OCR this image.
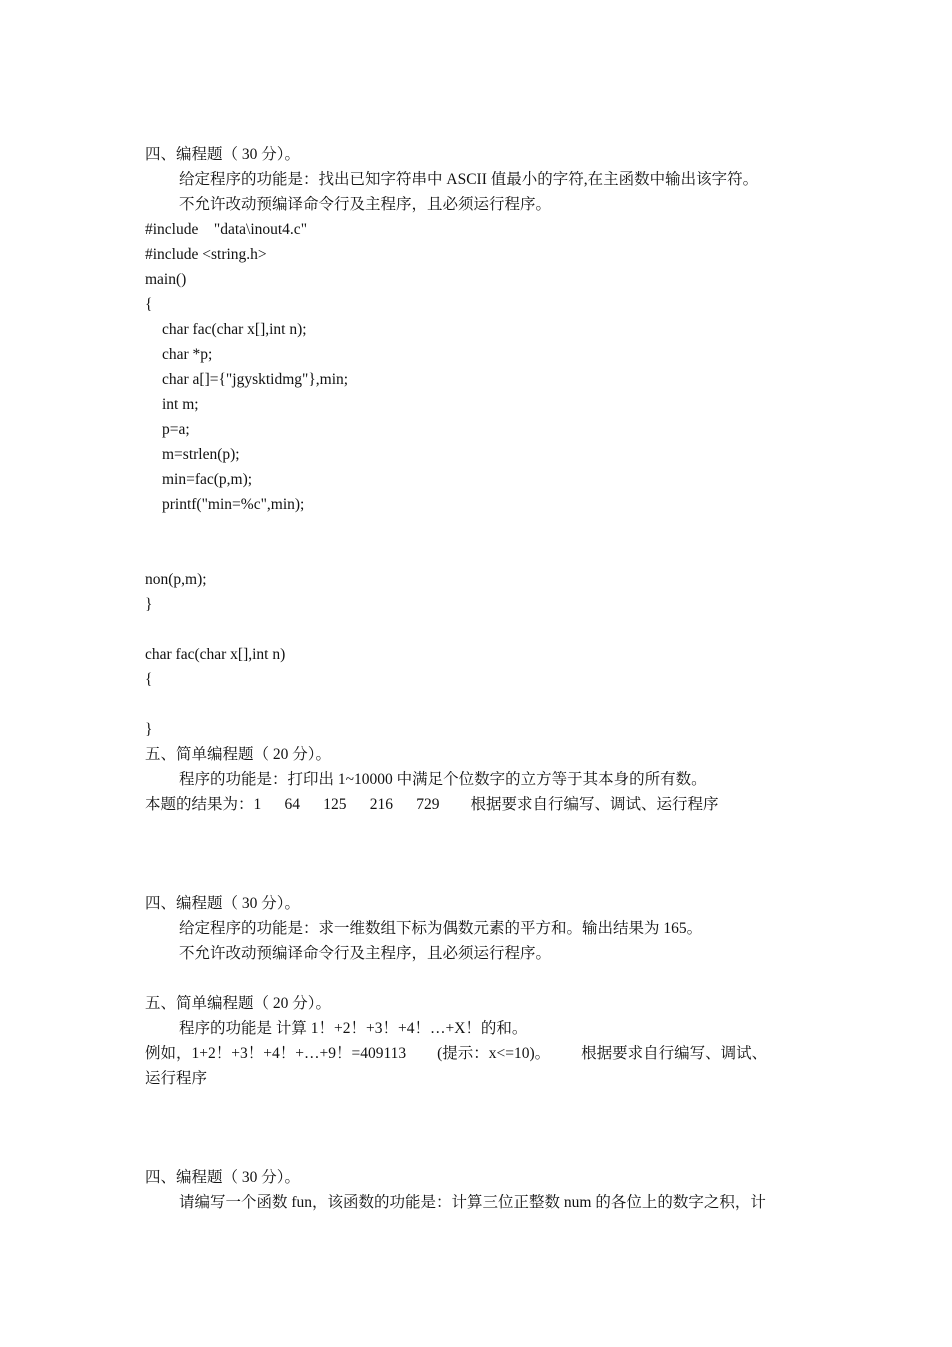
四、编程题（ 30 分）。
给定程序的功能是：找出已知字符串中 ASCII 值最小的字符,在主函数中输出该字符。
不允许改动预编译命令行及主程序，且必须运行程序。
#include    "data\inout4.c"
#include <string.h>
main()
{
char fac(char x[],int n);
char *p;
char a[]={"jgysktidmg"},min;
int m;
p=a;
m=strlen(p);
min=fac(p,m);
printf("min=%c",min);
non(p,m);
}
char fac(char x[],int n)
{
}
五、简单编程题（ 20 分）。
程序的功能是：打印出 1~10000 中满足个位数字的立方等于其本身的所有数。
本题的结果为：1      64      125      216      729        根据要求自行编写、调试、运行程序
四、编程题（ 30 分）。
给定程序的功能是：求一维数组下标为偶数元素的平方和。输出结果为 165。
不允许改动预编译命令行及主程序，且必须运行程序。
五、简单编程题（ 20 分）。
程序的功能是 计算 1！+2！+3！+4！…+X！的和。
例如，1+2！+3！+4！+…+9！=409113        (提示：x<=10)。        根据要求自行编写、调试、
运行程序
四、编程题（ 30 分）。
请编写一个函数 fun，该函数的功能是：计算三位正整数 num 的各位上的数字之积，计
